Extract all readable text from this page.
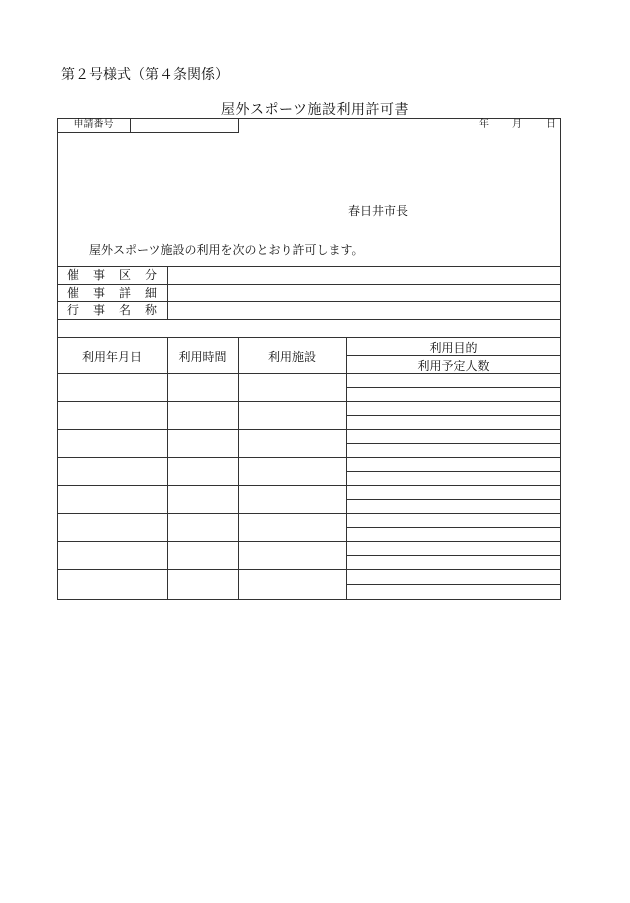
第２号様式（第４条関係）
屋外スポーツ施設利用許可書
申請番号	年 月 日
春日井市長
屋外スポーツ施設の利用を次のとおり許可します。
催 事 区 分
催 事 詳 細
行 事 名 称
利用年月日	利用時間	利用施設
利用目的
利用予定人数
